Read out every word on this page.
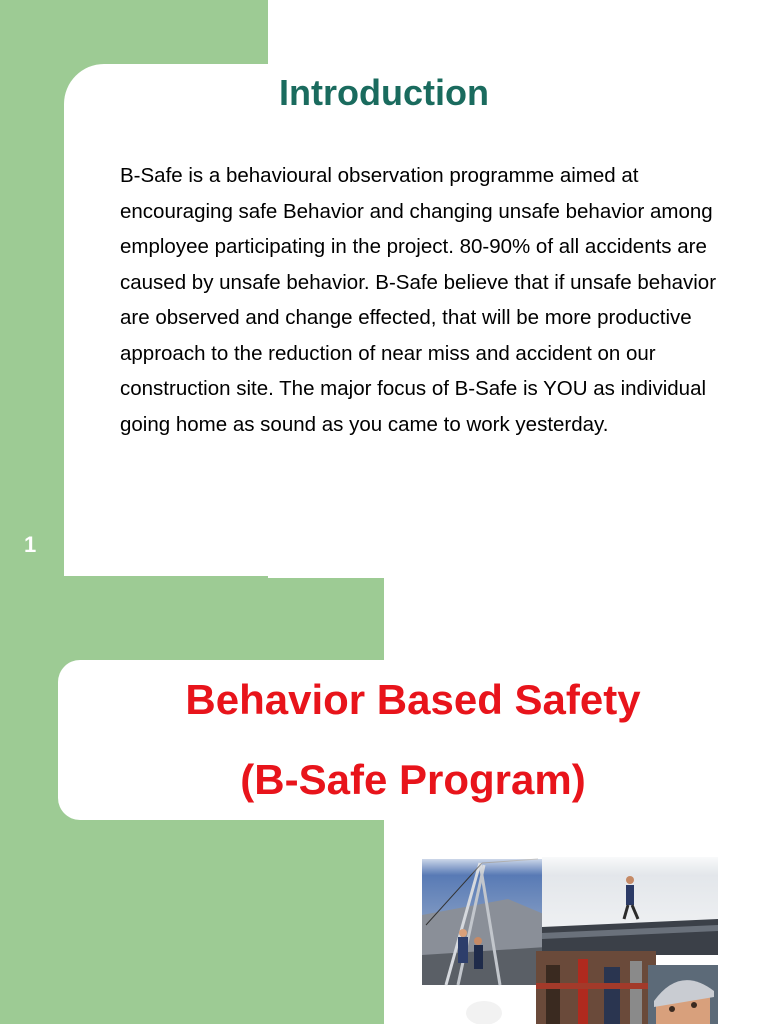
Introduction

B-Safe is a behavioural observation programme aimed at encouraging safe Behavior and changing unsafe behavior among employee participating in the project. 80-90% of all accidents are caused by unsafe behavior. B-Safe believe that if unsafe behavior are observed and change effected, that will be more productive approach to the reduction of near miss and accident on our construction site. The major focus of B-Safe is YOU as individual going home as sound as you came to work yesterday.

1
Behavior Based Safety
(B-Safe Program)
